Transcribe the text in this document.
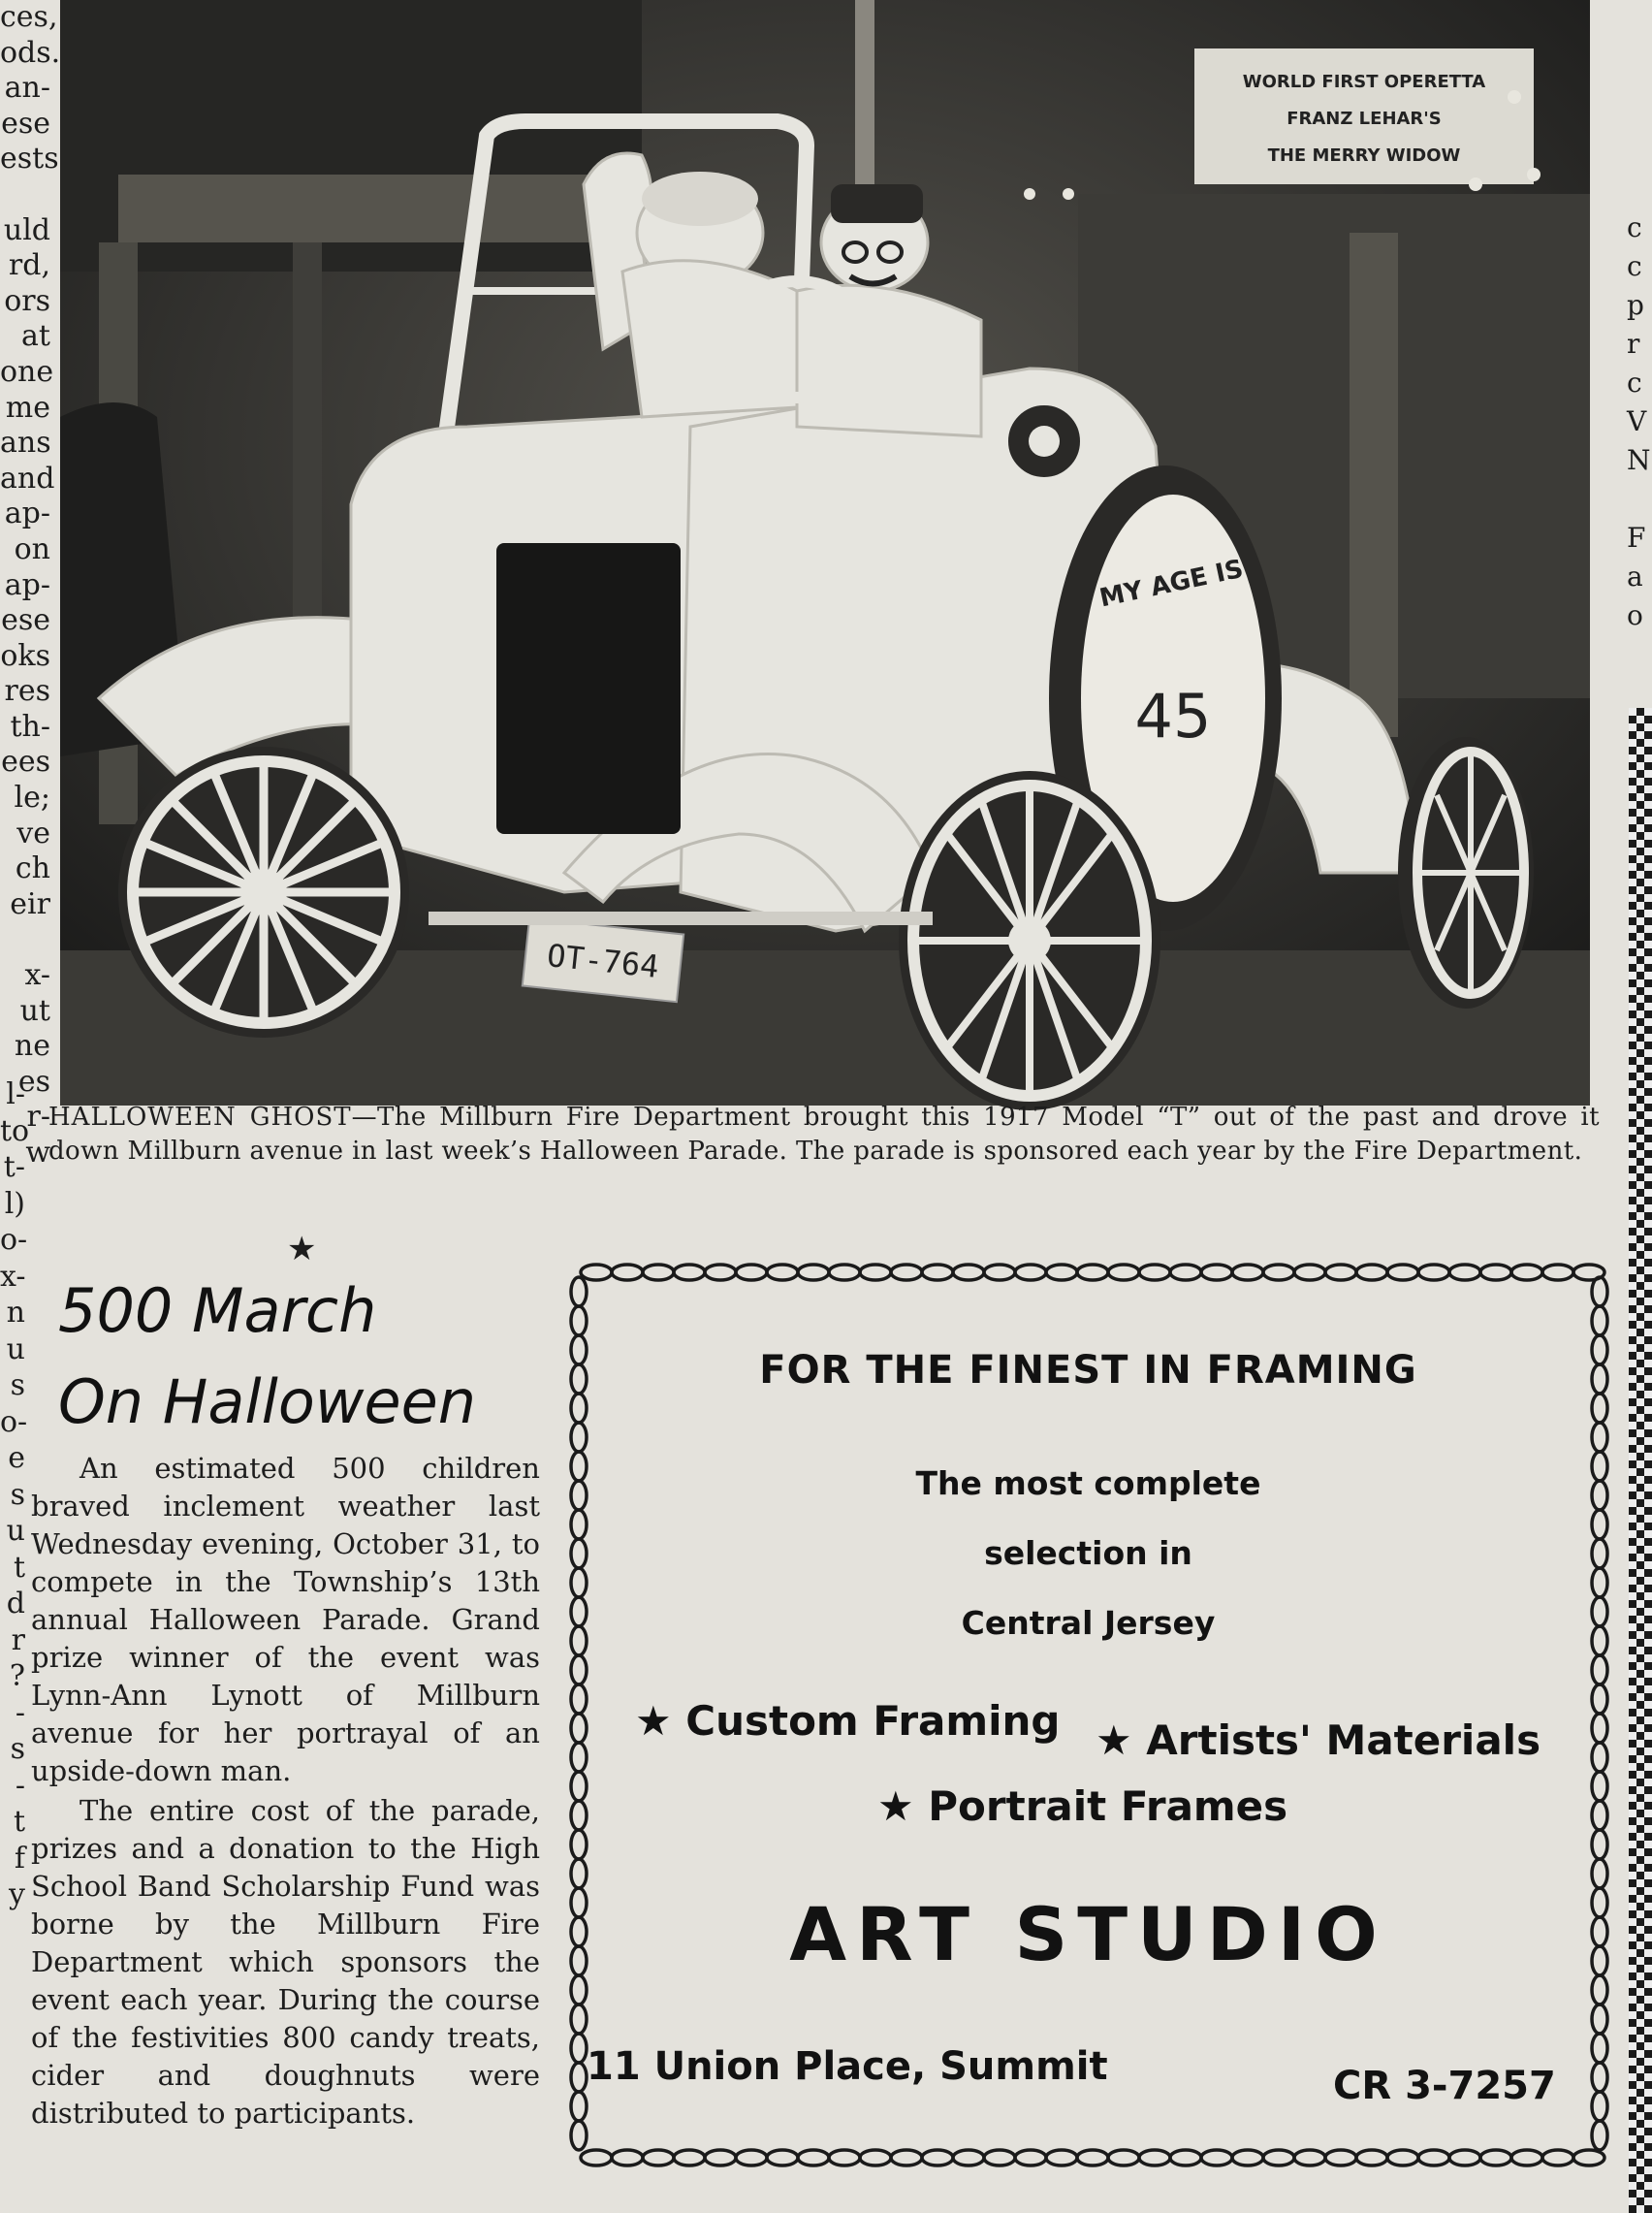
ces,
ods.
an-
ese
ests

uld
rd,
ors
at
one
me
ans
and
ap-
on
ap-
ese
oks
res
th-
ees
le;
ve
ch
eir

x-
ut
ne
es
r-
w
l-
to
t-
l)
o-
x-
n
u
s
o-
e
s
u
t
d
r
?
-
s
-
t
f
y
c
c
p
r
c
V
N

F
a
o
WORLD FIRST OPERETTA
FRANZ LEHAR'S
THE MERRY WIDOW
MY AGE IS
45
OT-764
HALLOWEEN GHOST—The Millburn Fire Department brought this 1917 Model “T” out of the past and drove it down Millburn avenue in last week’s Halloween Parade. The parade is sponsored each year by the Fire Department.
★
500 March
On Halloween

An estimated 500 children braved inclement weather last Wednesday evening, October 31, to compete in the Township’s 13th annual Halloween Parade. Grand prize winner of the event was Lynn-Ann Lynott of Millburn avenue for her portrayal of an upside-down man.

The entire cost of the parade, prizes and a donation to the High School Band Scholarship Fund was borne by the Millburn Fire Department which sponsors the event each year. During the course of the festivities 800 candy treats, cider and doughnuts were distributed to participants.

FOR THE FINEST IN FRAMING
The most complete
selection in
Central Jersey
★ Custom Framing ★ Artists' Materials
★ Portrait Frames
ART STUDIO
11 Union Place, Summit	CR 3-7257
